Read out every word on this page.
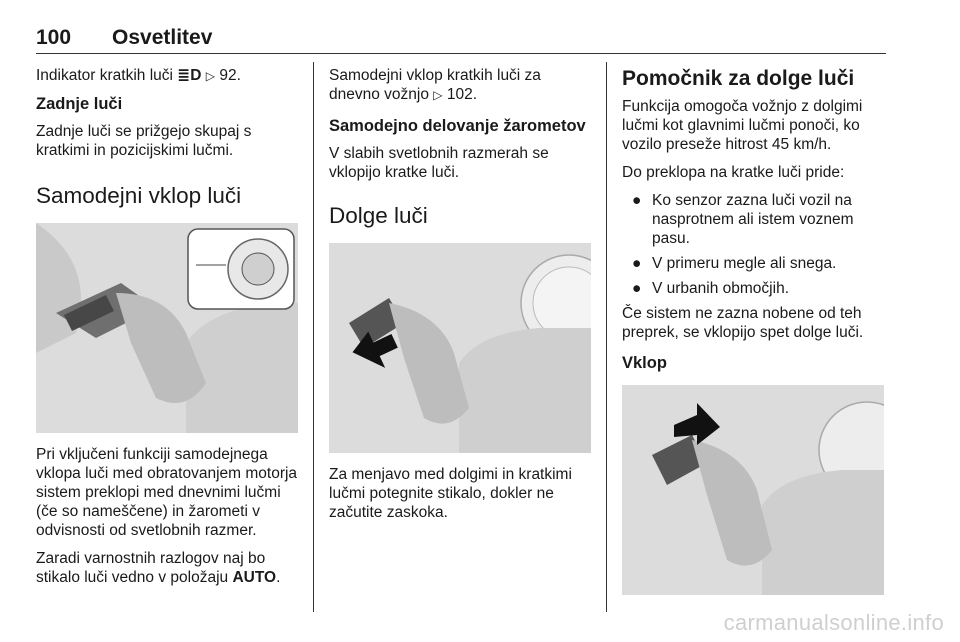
100 Osvetlitev

Indikator kratkih luči ≣D ▷ 92.

Zadnje luči

Zadnje luči se prižgejo skupaj s kratkimi in pozicijskimi lučmi.

Samodejni vklop luči

Pri vključeni funkciji samodejnega vklopa luči med obratovanjem motorja sistem preklopi med dnevnimi lučmi (če so nameščene) in žarometi v odvisnosti od svetlobnih razmer.

Zaradi varnostnih razlogov naj bo stikalo luči vedno v položaju AUTO.

Samodejni vklop kratkih luči za dnevno vožnjo ▷ 102.

Samodejno delovanje žarometov

V slabih svetlobnih razmerah se vklopijo kratke luči.

Dolge luči

Za menjavo med dolgimi in kratkimi lučmi potegnite stikalo, dokler ne začutite zaskoka.

Pomočnik za dolge luči

Funkcija omogoča vožnjo z dolgimi lučmi kot glavnimi lučmi ponoči, ko vozilo preseže hitrost 45 km/h.

Do preklopa na kratke luči pride:

● Ko senzor zazna luči vozil na nasprotnem ali istem voznem pasu.
● V primeru megle ali snega.
● V urbanih območjih.

Če sistem ne zazna nobene od teh preprek, se vklopijo spet dolge luči.

Vklop
carmanualsonline.info
